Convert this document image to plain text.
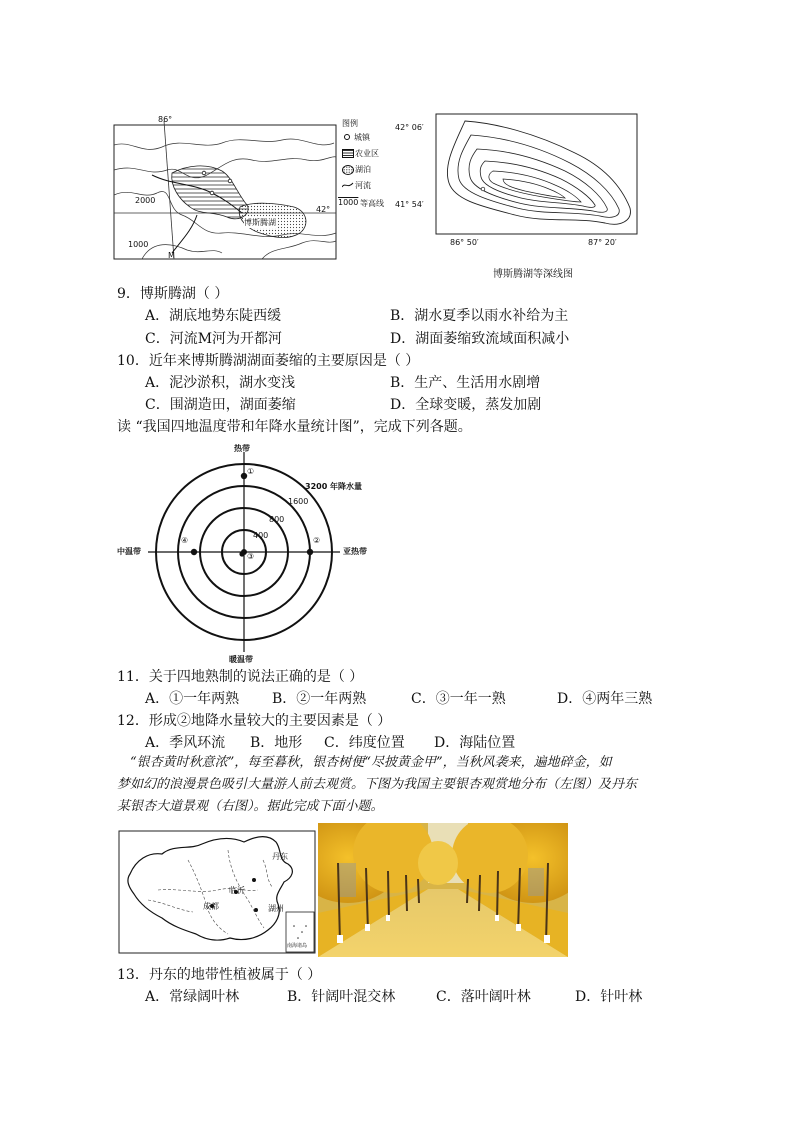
86°
42°
2000
1000
M
博斯腾湖
图例
城镇
农业区
湖泊
河流
1000 等高线
42° 06′
41° 54′
86° 50′	87° 20′
博斯腾湖等深线图
9．博斯腾湖（ ）
A．湖底地势东陡西缓	B．湖水夏季以雨水补给为主
C．河流M河为开都河	D．湖面萎缩致流域面积减小
10．近年来博斯腾湖湖面萎缩的主要原因是（ ）
A．泥沙淤积，湖水变浅	B．生产、生活用水剧增
C．围湖造田，湖面萎缩	D．全球变暖，蒸发加剧
读 “我国四地温度带和年降水量统计图”，完成下列各题。
热带
暖温带
中温带	亚热带
400
800
1600
3200 年降水量
①
②
③
④
11．关于四地熟制的说法正确的是（ ）
A．①一年两熟 B．②一年两熟	C．③一年一熟	D．④两年三熟
12．形成②地降水量较大的主要因素是（ ）
A．季风环流 B．地形 C．纬度位置 D．海陆位置
“银杏黄时秋意浓”，每至暮秋，银杏树便“尽披黄金甲”，当秋风袭来，遍地碎金，如
梦如幻的浪漫景色吸引大量游人前去观赏。下图为我国主要银杏观赏地分布（左图）及丹东
某银杏大道景观（右图）。据此完成下面小题。
丹东
临沂
成都	湖州
南海诸岛
13．丹东的地带性植被属于（ ）
A．常绿阔叶林	B．针阔叶混交林	C．落叶阔叶林	D．针叶林
